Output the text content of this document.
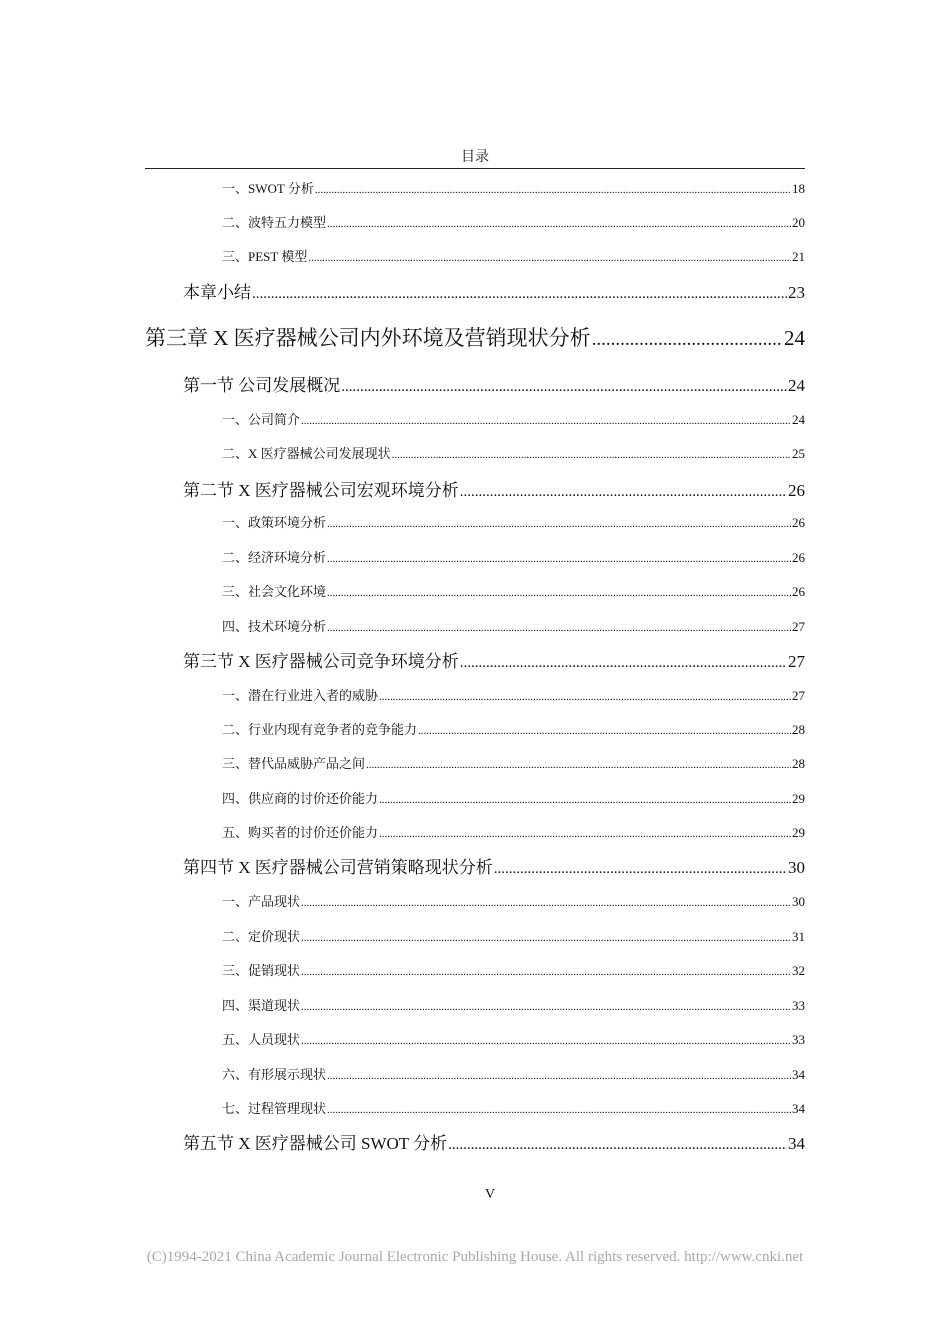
目录
一、SWOT 分析 .....	18
二、波特五力模型 .....	20
三、PEST 模型 .....	21
本章小结 .....	23
第三章 X 医疗器械公司内外环境及营销现状分析 .....	24
第一节 公司发展概况 .....	24
一、公司简介 .....	24
二、X 医疗器械公司发展现状 .....	25
第二节 X 医疗器械公司宏观环境分析 .....	26
一、政策环境分析 .....	26
二、经济环境分析 .....	26
三、社会文化环境 .....	26
四、技术环境分析 .....	27
第三节 X 医疗器械公司竞争环境分析 .....	27
一、潜在行业进入者的威胁 .....	27
二、行业内现有竞争者的竞争能力 .....	28
三、替代品威胁产品之间 .....	28
四、供应商的讨价还价能力 .....	29
五、购买者的讨价还价能力 .....	29
第四节 X 医疗器械公司营销策略现状分析 .....	30
一、产品现状 .....	30
二、定价现状 .....	31
三、促销现状 .....	32
四、渠道现状 .....	33
五、人员现状 .....	33
六、有形展示现状 .....	34
七、过程管理现状 .....	34
第五节 X 医疗器械公司 SWOT 分析 .....	34
V
(C)1994-2021 China Academic Journal Electronic Publishing House. All rights reserved. http://www.cnki.net
